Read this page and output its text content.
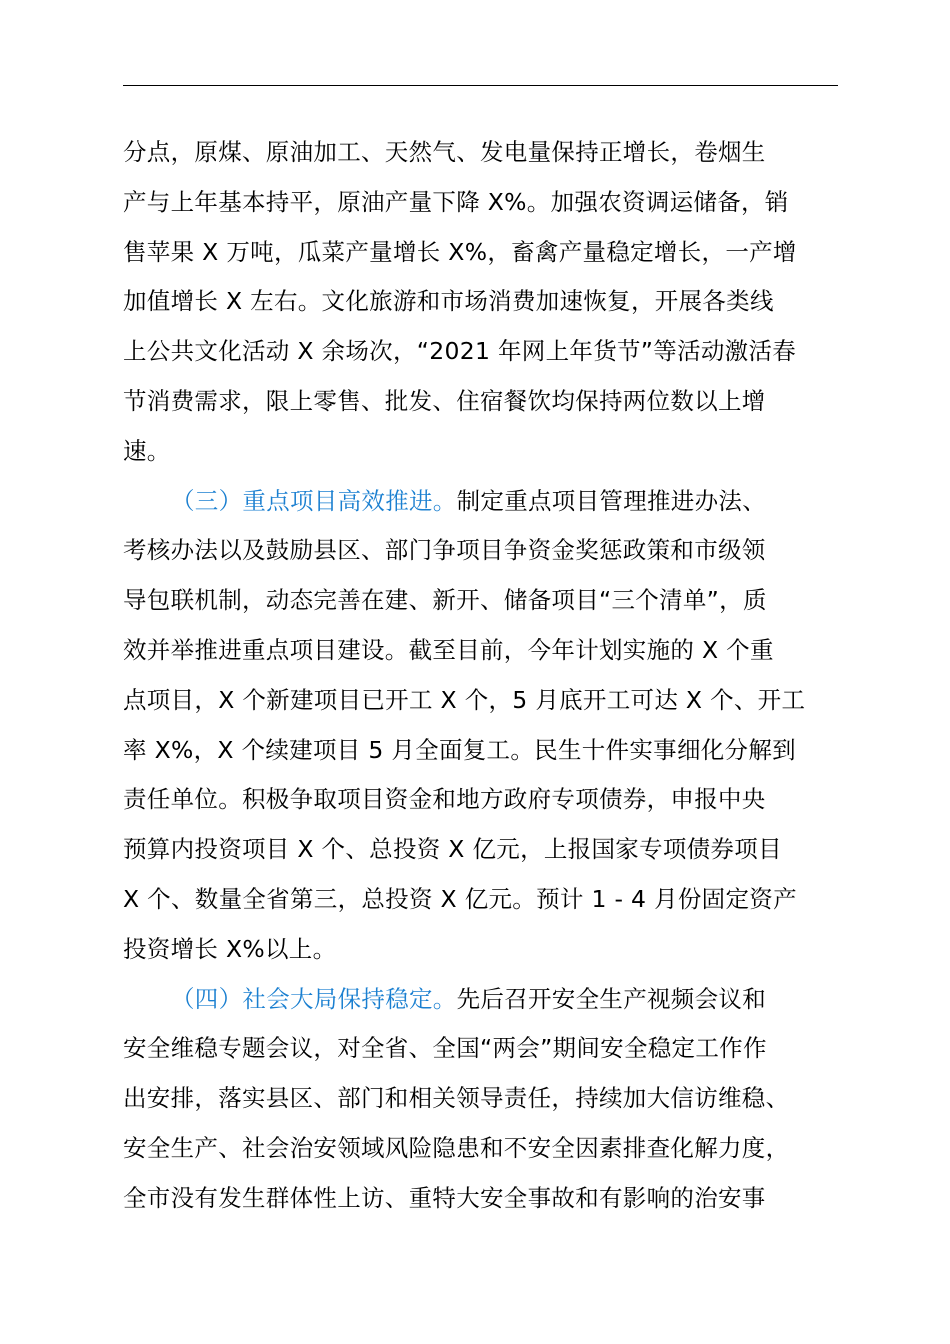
分点，原煤、原油加工、天然气、发电量保持正增长，卷烟生
产与上年基本持平，原油产量下降 X%。加强农资调运储备，销
售苹果 X 万吨，瓜菜产量增长 X%，畜禽产量稳定增长，一产增
加值增长 X 左右。文化旅游和市场消费加速恢复，开展各类线
上公共文化活动 X 余场次，“2021 年网上年货节”等活动激活春
节消费需求，限上零售、批发、住宿餐饮均保持两位数以上增
速。
（三）重点项目高效推进。制定重点项目管理推进办法、
考核办法以及鼓励县区、部门争项目争资金奖惩政策和市级领
导包联机制，动态完善在建、新开、储备项目“三个清单”，质
效并举推进重点项目建设。截至目前，今年计划实施的 X 个重
点项目，X 个新建项目已开工 X 个，5 月底开工可达 X 个、开工
率 X%，X 个续建项目 5 月全面复工。民生十件实事细化分解到
责任单位。积极争取项目资金和地方政府专项债券，申报中央
预算内投资项目 X 个、总投资 X 亿元，上报国家专项债券项目
X 个、数量全省第三，总投资 X 亿元。预计 1 - 4 月份固定资产
投资增长 X%以上。
（四）社会大局保持稳定。先后召开安全生产视频会议和
安全维稳专题会议，对全省、全国“两会”期间安全稳定工作作
出安排，落实县区、部门和相关领导责任，持续加大信访维稳、
安全生产、社会治安领域风险隐患和不安全因素排查化解力度，
全市没有发生群体性上访、重特大安全事故和有影响的治安事
